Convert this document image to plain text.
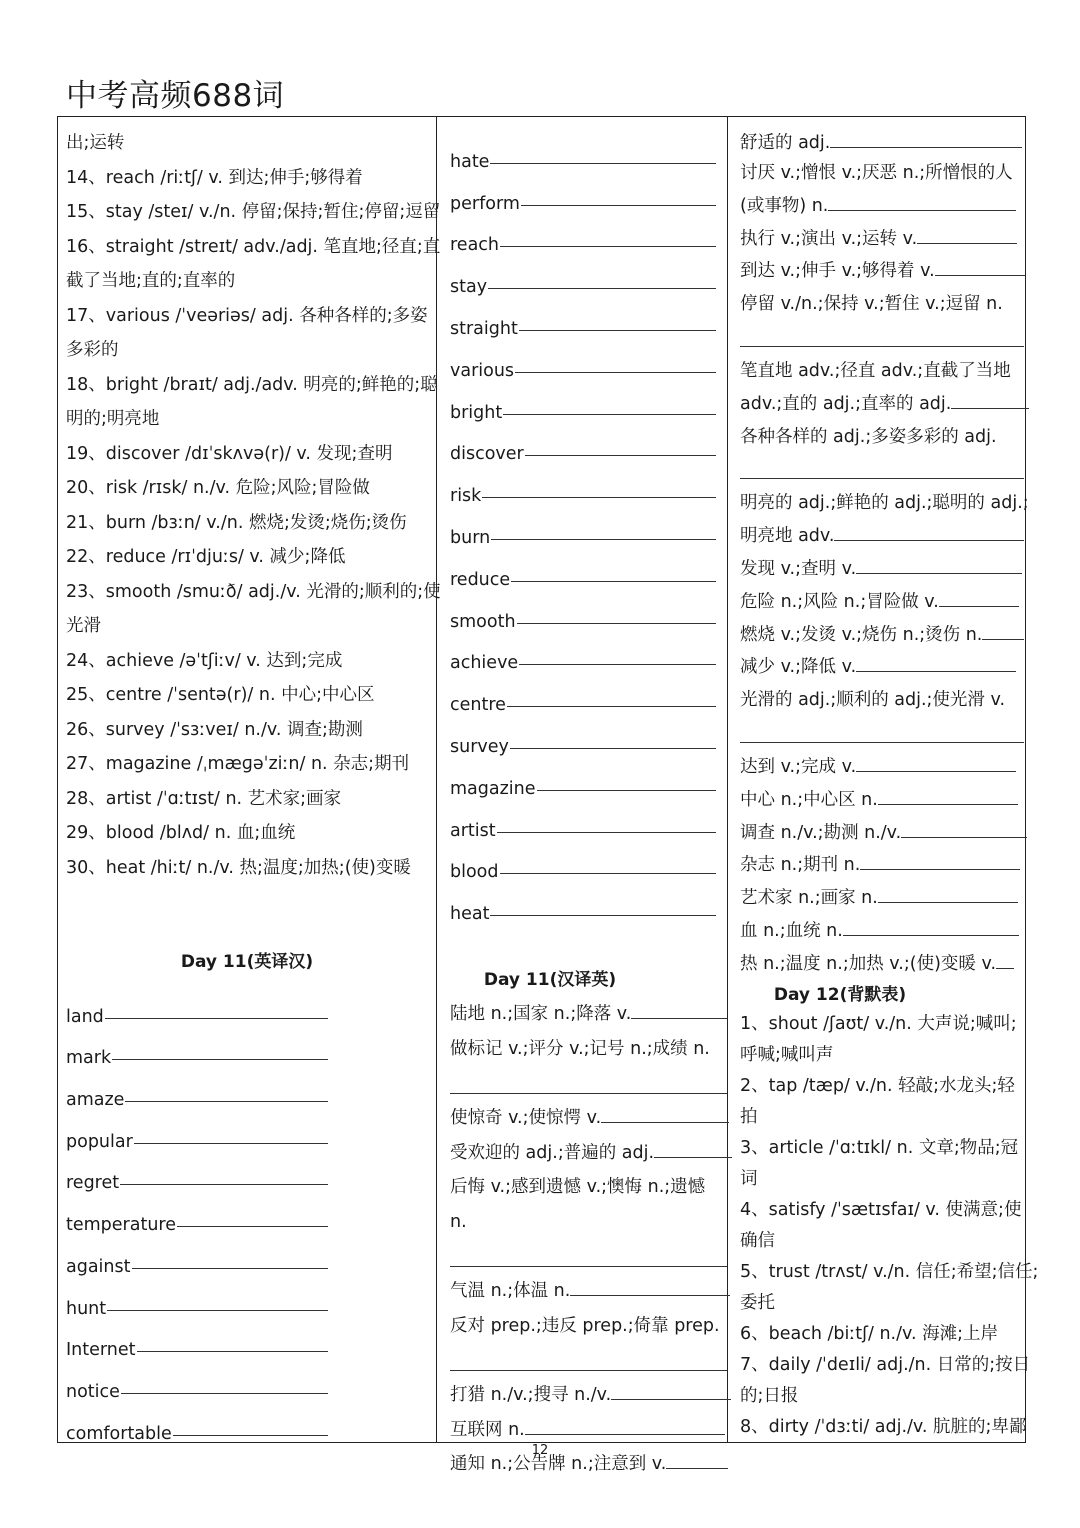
中考高频688词
出;运转
14、reach /riːtʃ/ v. 到达;伸手;够得着
15、stay /steɪ/ v./n. 停留;保持;暂住;停留;逗留
16、straight /streɪt/ adv./adj. 笔直地;径直;直
截了当地;直的;直率的
17、various /ˈveəriəs/ adj. 各种各样的;多姿
多彩的
18、bright /braɪt/ adj./adv. 明亮的;鲜艳的;聪
明的;明亮地
19、discover /dɪˈskʌvə(r)/ v. 发现;查明
20、risk /rɪsk/ n./v. 危险;风险;冒险做
21、burn /bɜːn/ v./n. 燃烧;发烫;烧伤;烫伤
22、reduce /rɪˈdjuːs/ v. 减少;降低
23、smooth /smuːð/ adj./v. 光滑的;顺利的;使
光滑
24、achieve /əˈtʃiːv/ v. 达到;完成
25、centre /ˈsentə(r)/ n. 中心;中心区
26、survey /ˈsɜːveɪ/ n./v. 调查;勘测
27、magazine /ˌmæɡəˈziːn/ n. 杂志;期刊
28、artist /ˈɑːtɪst/ n. 艺术家;画家
29、blood /blʌd/ n. 血;血统
30、heat /hiːt/ n./v. 热;温度;加热;(使)变暖
Day 11(英译汉)
land
mark
amaze
popular
regret
temperature
against
hunt
Internet
notice
comfortable
hate
perform
reach
stay
straight
various
bright
discover
risk
burn
reduce
smooth
achieve
centre
survey
magazine
artist
blood
heat
Day 11(汉译英)
陆地 n.;国家 n.;降落 v.
做标记 v.;评分 v.;记号 n.;成绩 n.
使惊奇 v.;使惊愕 v.
受欢迎的 adj.;普遍的 adj.
后悔 v.;感到遗憾 v.;懊悔 n.;遗憾
n.
气温 n.;体温 n.
反对 prep.;违反 prep.;倚靠 prep.
打猎 n./v.;搜寻 n./v.
互联网 n.
通知 n.;公告牌 n.;注意到 v.
舒适的 adj.
讨厌 v.;憎恨 v.;厌恶 n.;所憎恨的人
(或事物) n.
执行 v.;演出 v.;运转 v.
到达 v.;伸手 v.;够得着 v.
停留 v./n.;保持 v.;暂住 v.;逗留 n.
笔直地 adv.;径直 adv.;直截了当地
adv.;直的 adj.;直率的 adj.
各种各样的 adj.;多姿多彩的 adj.
明亮的 adj.;鲜艳的 adj.;聪明的 adj.;
明亮地 adv.
发现 v.;查明 v.
危险 n.;风险 n.;冒险做 v.
燃烧 v.;发烫 v.;烧伤 n.;烫伤 n.
减少 v.;降低 v.
光滑的 adj.;顺利的 adj.;使光滑 v.
达到 v.;完成 v.
中心 n.;中心区 n.
调查 n./v.;勘测 n./v.
杂志 n.;期刊 n.
艺术家 n.;画家 n.
血 n.;血统 n.
热 n.;温度 n.;加热 v.;(使)变暖 v.
Day 12(背默表)
1、shout /ʃaʊt/ v./n. 大声说;喊叫;
呼喊;喊叫声
2、tap /tæp/ v./n. 轻敲;水龙头;轻
拍
3、article /ˈɑːtɪkl/ n. 文章;物品;冠
词
4、satisfy /ˈsætɪsfaɪ/ v. 使满意;使
确信
5、trust /trʌst/ v./n. 信任;希望;信任;
委托
6、beach /biːtʃ/ n./v. 海滩;上岸
7、daily /ˈdeɪli/ adj./n. 日常的;按日
的;日报
8、dirty /ˈdɜːti/ adj./v. 肮脏的;卑鄙
12
